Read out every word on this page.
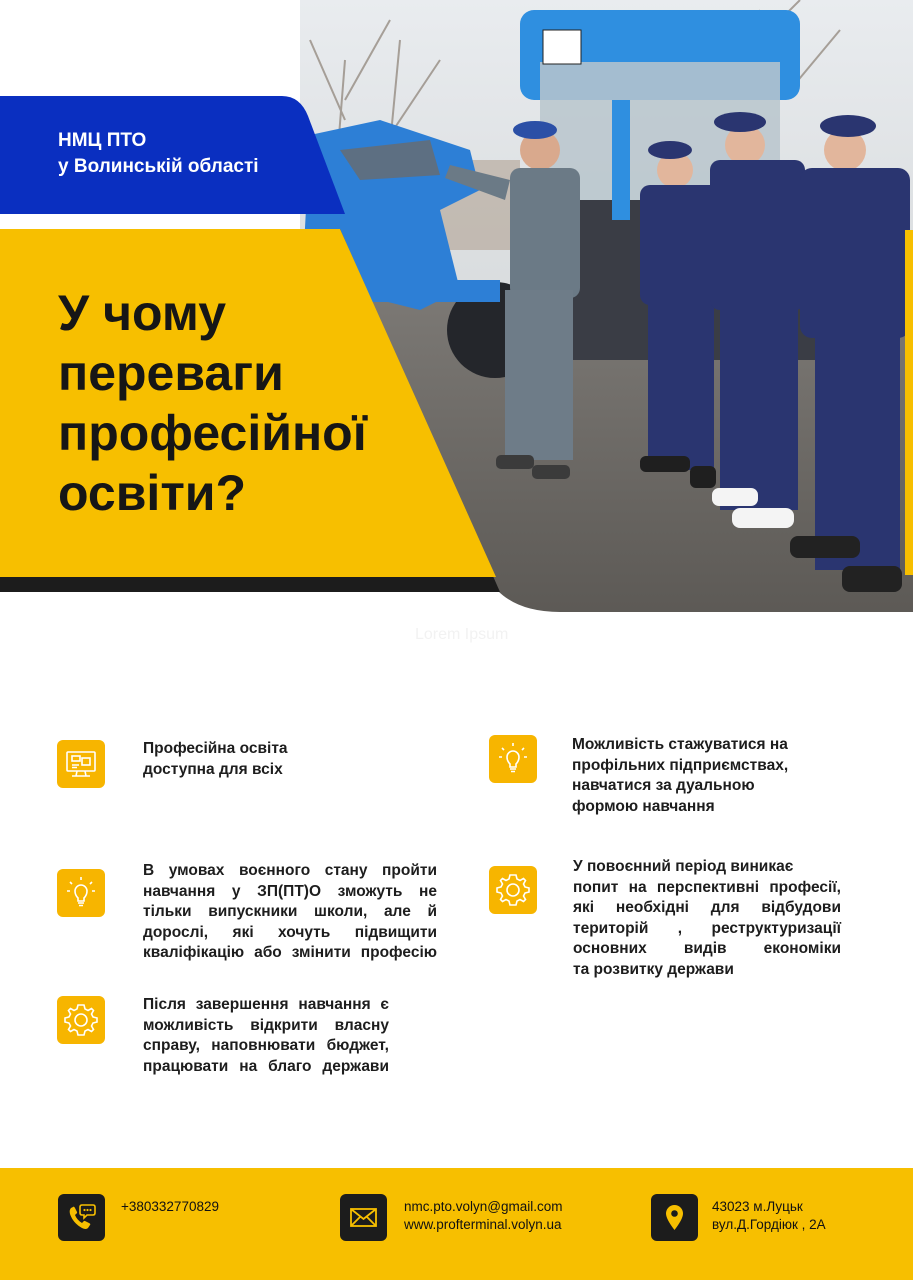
НМЦ ПТО
у Волинській області
У чому
переваги
професійної
освіти?
Lorem Ipsum
Професійна освіта
доступна для всіх
Можливість стажуватися на
профільних підприємствах,
навчатися за дуальною
формою навчання
В умовах воєнного стану пройти
навчання у ЗП(ПТ)О зможуть не
тільки випускники школи, але й
дорослі, які хочуть підвищити
кваліфікацію або змінити професію
У повоєнний період виникає
попит на перспективні професії,
які необхідні для відбудови
територій , реструктуризації
основних видів економіки
та розвитку держави
Після завершення навчання є
можливість відкрити власну
справу, наповнювати бюджет,
працювати на благо держави
+380332770829	nmc.pto.volyn@gmail.com
www.profterminal.volyn.ua
43023 м.Луцьк
вул.Д.Гордіюк , 2А
